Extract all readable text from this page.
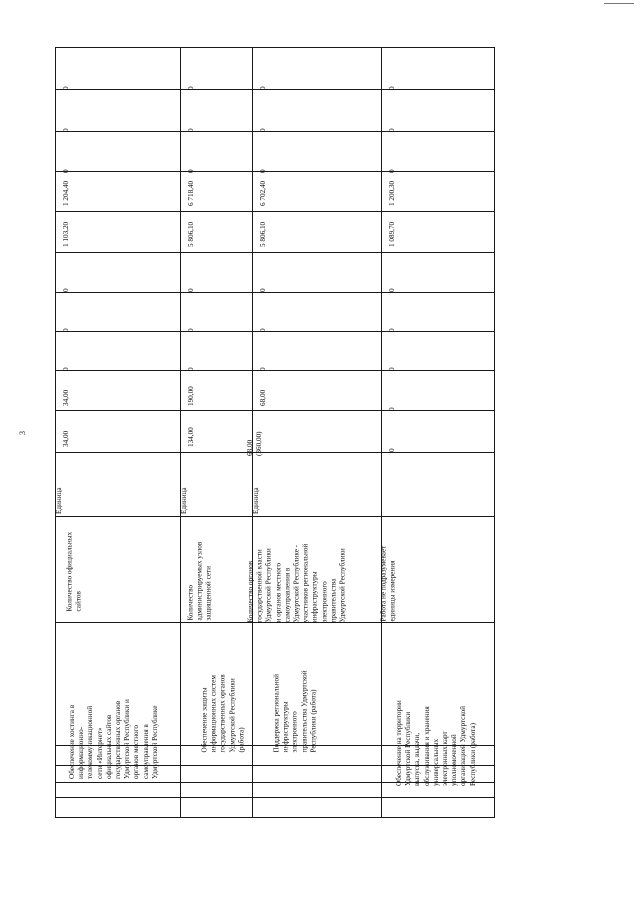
3
0
0
0
1 204,40
1 103,20
0
0
0
34,00
34,00
Единица
Количество официальных
сайтов
Обеспечение хостинга в
информационно-
телекоммуникационной
сети «Интернет»
официальных сайтов
государственных органов
Удмуртской Республики и
органов местного
самоуправления в
Удмуртской Республике
0
0
0
6 718,40
5 806,10
0
0
0
190,00
134,00
Единица
Количество
администрируемых узлов
защищенной сети
Обеспечение защиты
информационных систем
государственных органов
Удмуртской Республики
(работа)
0
0
0
6 702,40
5 806,10
0
0
0
68,00
68,00
(360,00)
Единица
Количество органов
государственной власти
Удмуртской Республики
и органов местного
самоуправления в
Удмуртской Республике -
участников региональной
инфраструктуры
электронного
правительства
Удмуртской Республики
Поддержка региональной
инфраструктуры
электронного
правительства Удмуртской
Республики (работа)
0
0
0
1 200,30
1 089,70
0
0
0
0
0
Работа не подразумевает
единицы измерения
Обеспечение на территории
Удмуртской Республики
выпуска, выдачи,
обслуживания и хранения
универсальных
электронных карт
уполномоченной
организацией Удмуртской
Республики (работа)
